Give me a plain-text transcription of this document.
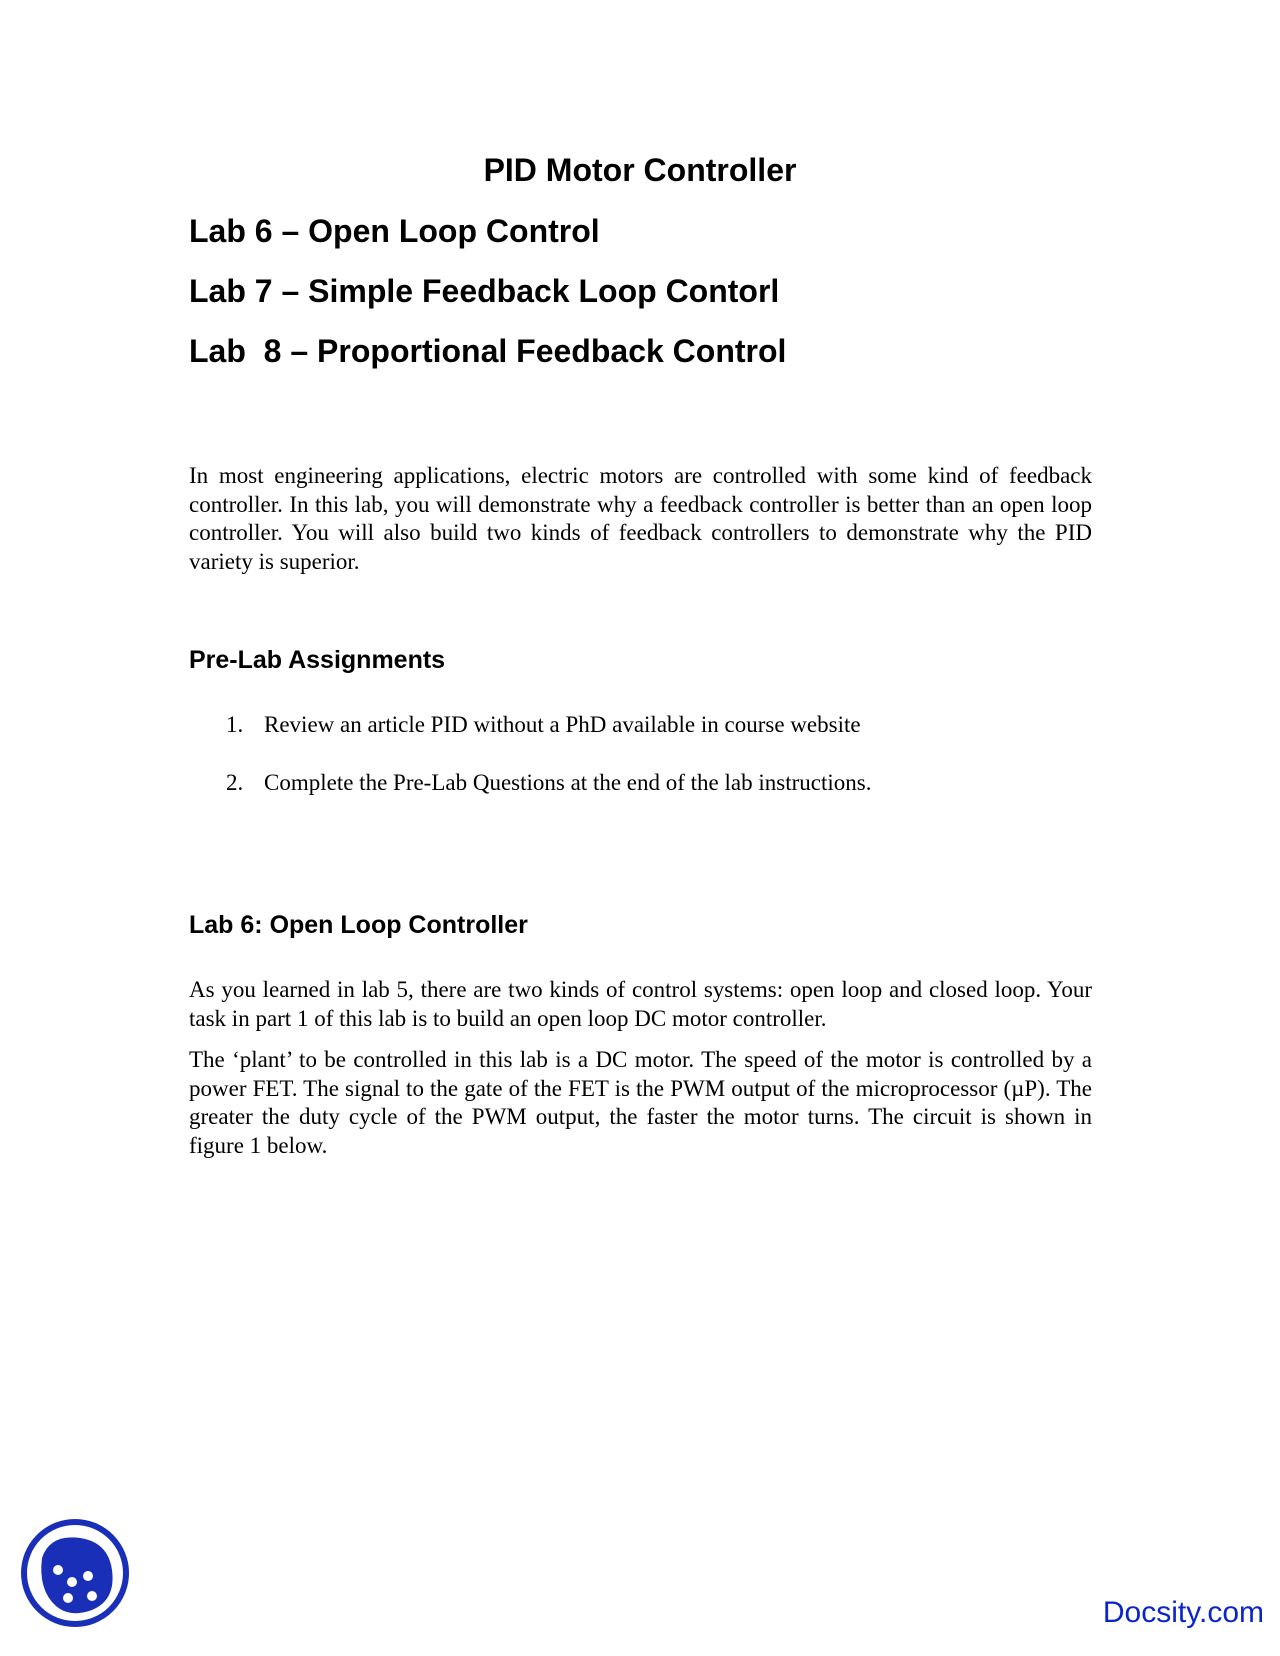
PID Motor Controller
Lab 6 – Open Loop Control
Lab 7 – Simple Feedback Loop Contorl
Lab  8 – Proportional Feedback Control

In most engineering applications, electric motors are controlled with some kind of feedback controller. In this lab, you will demonstrate why a feedback controller is better than an open loop controller. You will also build two kinds of feedback controllers to demonstrate why the PID variety is superior.

Pre-Lab Assignments
1. Review an article PID without a PhD available in course website
2. Complete the Pre-Lab Questions at the end of the lab instructions.
Lab 6: Open Loop Controller

As you learned in lab 5, there are two kinds of control systems: open loop and closed loop. Your task in part 1 of this lab is to build an open loop DC motor controller.

The ‘plant’ to be controlled in this lab is a DC motor. The speed of the motor is controlled by a power FET. The signal to the gate of the FET is the PWM output of the microprocessor (µP). The greater the duty cycle of the PWM output, the faster the motor turns. The circuit is shown in figure 1 below.

Docsity.com
